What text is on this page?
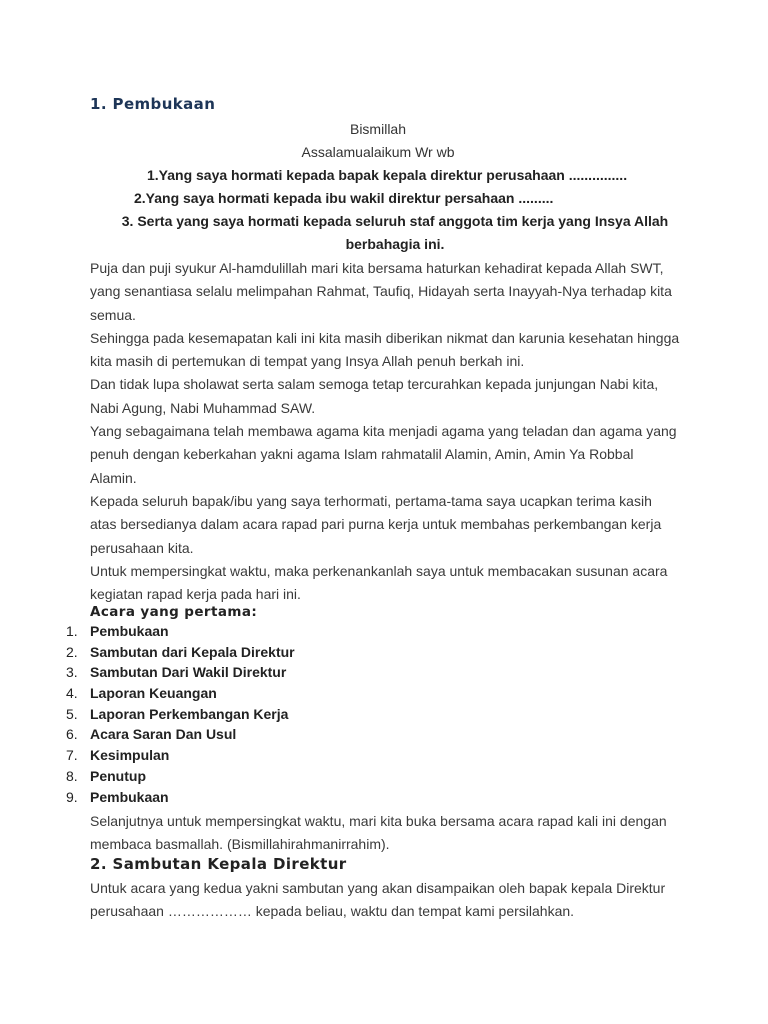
1. Pembukaan
Bismillah
Assalamualaikum Wr wb
1.Yang saya hormati kepada bapak kepala direktur perusahaan ...............
2.Yang saya hormati kepada ibu wakil direktur persahaan .........
3. Serta yang saya hormati kepada seluruh staf anggota tim kerja yang Insya Allah berbahagia ini.

Puja dan puji syukur Al-hamdulillah mari kita bersama haturkan kehadirat kepada Allah SWT, yang senantiasa selalu melimpahan Rahmat, Taufiq, Hidayah serta Inayyah-Nya terhadap kita semua.

Sehingga pada kesemapatan kali ini kita masih diberikan nikmat dan karunia kesehatan hingga kita masih di pertemukan di tempat yang Insya Allah penuh berkah ini.

Dan tidak lupa sholawat serta salam semoga tetap tercurahkan kepada junjungan Nabi kita, Nabi Agung, Nabi Muhammad SAW.

Yang sebagaimana telah membawa agama kita menjadi agama yang teladan dan agama yang penuh dengan keberkahan yakni agama Islam rahmatalil Alamin, Amin, Amin Ya Robbal Alamin.

Kepada seluruh bapak/ibu yang saya terhormati, pertama-tama saya ucapkan terima kasih atas bersedianya dalam acara rapad pari purna kerja untuk membahas perkembangan kerja perusahaan kita.

Untuk mempersingkat waktu, maka perkenankanlah saya untuk membacakan susunan acara kegiatan rapad kerja pada hari ini.

Acara yang pertama:
1. Pembukaan
2. Sambutan dari Kepala Direktur
3. Sambutan Dari Wakil Direktur
4. Laporan Keuangan
5. Laporan Perkembangan Kerja
6. Acara Saran Dan Usul
7. Kesimpulan
8. Penutup
9. Pembukaan
Selanjutnya untuk mempersingkat waktu, mari kita buka bersama acara rapad kali ini dengan membaca basmallah. (Bismillahirahmanirrahim).
2. Sambutan Kepala Direktur
Untuk acara yang kedua yakni sambutan yang akan disampaikan oleh bapak kepala Direktur perusahaan ……………… kepada beliau, waktu dan tempat kami persilahkan.
